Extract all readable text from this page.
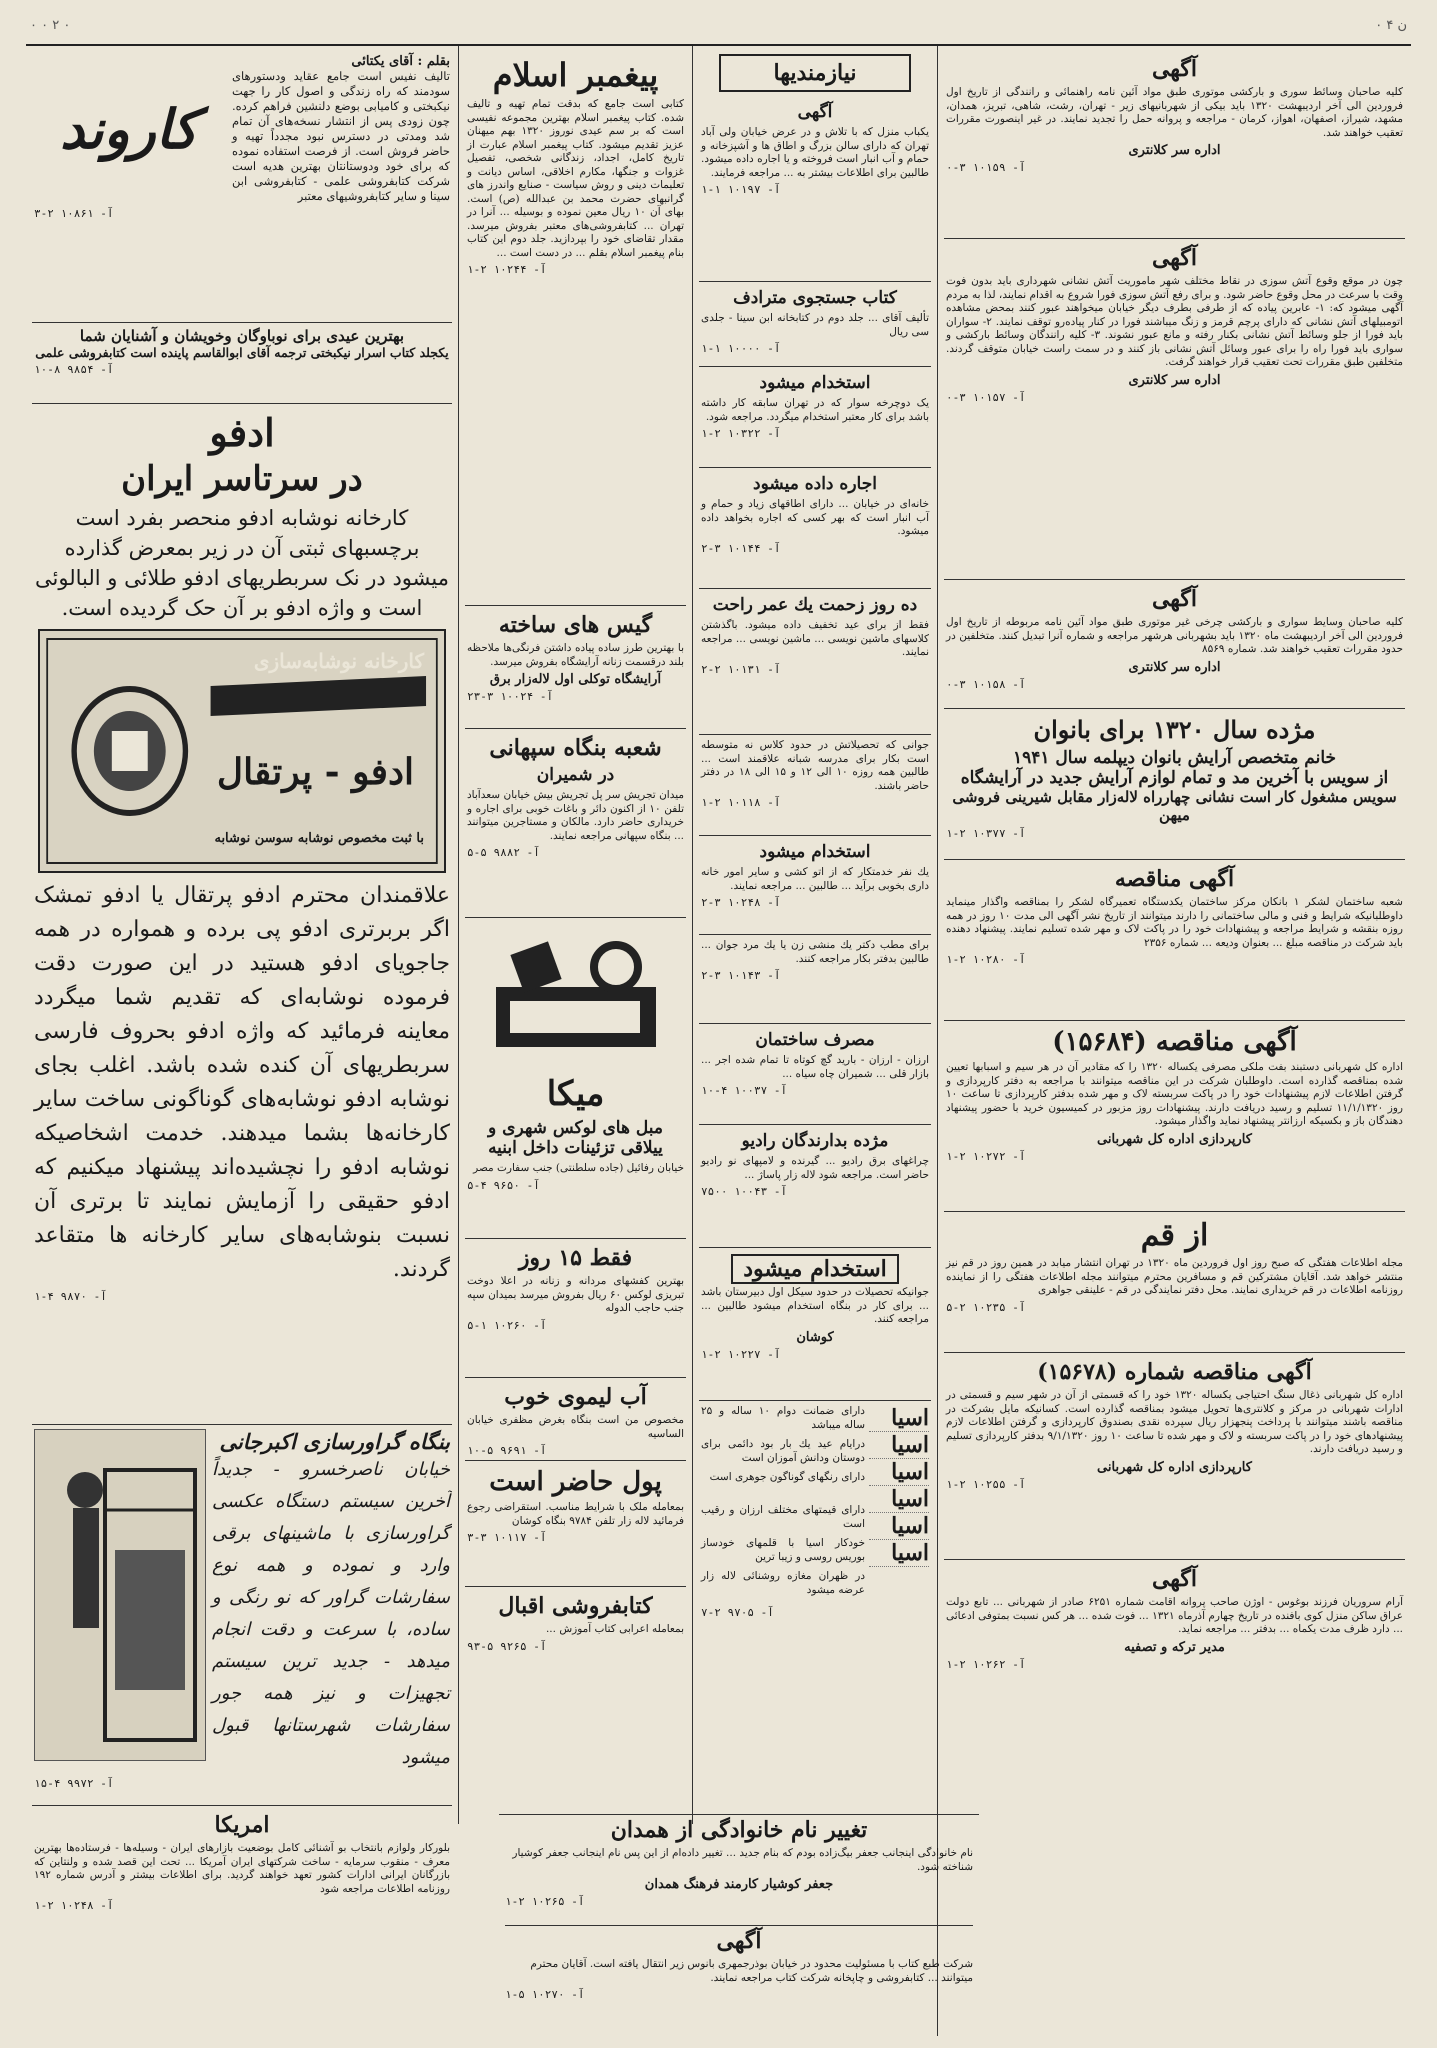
ن ۴ ۰
۰ ۲ ۰ ۰
آگهی
کلیه صاحبان وسائط سوری و بارکشی موتوری طبق مواد آئین نامه راهنمائی و رانندگی از تاریخ اول فروردین الی آخر اردیبهشت ۱۳۲۰ باید بیکی از شهربانیهای زیر - تهران، رشت، شاهی، تبریز، همدان، مشهد، شیراز، اصفهان، اهواز، کرمان - مراجعه و پروانه حمل را تجدید نمایند. در غیر اینصورت مقررات تعقیب خواهند شد.
اداره سر کلانتری
آ- ۱۰۱۵۹ ۳-۰
آگهی
چون در موقع وقوع آتش سوزی در نقاط مختلف شهر ماموریت آتش نشانی شهرداری باید بدون فوت وقت با سرعت در محل وقوع حاضر شود. و برای رفع آتش سوزی فورا شروع به اقدام نمایند، لذا به مردم آگهی میشود که: ۱- عابرین پیاده که از طرفی بطرف دیگر خیابان میخواهند عبور کنند بمحض مشاهده اتومبیلهای آتش نشانی که دارای پرچم قرمز و زنگ میباشند فورا در کنار پیاده‌رو توقف نمایند. ۲- سواران باید فورا از جلو وسائط آتش نشانی بکنار رفته و مانع عبور نشوند. ۳- کلیه رانندگان وسائط بارکشی و سواری باید فورا راه را برای عبور وسائل آتش نشانی باز کنند و در سمت راست خیابان متوقف گردند. متخلفین طبق مقررات تحت تعقیب قرار خواهند گرفت.
اداره سر کلانتری
آ- ۱۰۱۵۷ ۳-۰
آگهی
کلیه صاحبان وسایط سواری و بارکشی چرخی غیر موتوری طبق مواد آئین نامه مربوطه از تاریخ اول فروردین الی آخر اردیبهشت ماه ۱۳۲۰ باید بشهربانی هرشهر مراجعه و شماره آنرا تبدیل کنند. متخلفین در حدود مقررات تعقیب خواهند شد. شماره ۸۵۶۹
اداره سر کلانتری
آ- ۱۰۱۵۸ ۳-۰
مژده سال ۱۳۲۰ برای بانوان
خانم متخصص آرایش بانوان دیپلمه سال ۱۹۴۱
از سویس با آخرین مد و تمام لوازم آرایش جدید در آرایشگاه
سویس مشغول کار است نشانی چهارراه لاله‌زار مقابل شیرینی فروشی میهن
آ- ۱۰۳۷۷ ۲-۱
آگهی مناقصه
شعبه ساختمان لشکر ۱ بانکان مرکز ساختمان یکدستگاه تعمیرگاه لشکر را بمناقصه واگذار مینماید داوطلبانیکه شرایط و فنی و مالی ساختمانی را دارند میتوانند از تاریخ نشر آگهی الی مدت ۱۰ روز در همه روزه بنقشه و شرایط مراجعه و پیشنهادات خود را در پاکت لاک و مهر شده تسلیم نمایند. پیشنهاد دهنده باید شرکت در مناقصه مبلغ ... بعنوان ودیعه ... شماره ۲۳۵۶
آ- ۱۰۲۸۰ ۲-۱
آگهی مناقصه (۱۵۶۸۴)
اداره کل شهربانی دستبند بفت ملکی مصرفی یکساله ۱۳۲۰ را که مقادیر آن در هر سیم و اسبابها تعیین شده بمناقصه گذارده است. داوطلبان شرکت در این مناقصه میتوانند با مراجعه به دفتر کارپردازی و گرفتن اطلاعات لازم پیشنهادات خود را در پاکت سربسته لاک و مهر شده بدفتر کارپردازی تا ساعت ۱۰ روز ۱۱/۱/۱۳۲۰ تسلیم و رسید دریافت دارند. پیشنهادات روز مزبور در کمیسیون خرید با حضور پیشنهاد دهندگان باز و بکسیکه ارزانتر پیشنهاد نماید واگذار میشود.
کارپردازی اداره کل شهربانی
آ- ۱۰۲۷۲ ۲-۱
از قم
مجله اطلاعات هفتگی که صبح روز اول فروردین ماه ۱۳۲۰ در تهران انتشار میابد در همین روز در قم نیز منتشر خواهد شد. آقایان مشترکین قم و مسافرین محترم میتوانند مجله اطلاعات هفتگی را از نماینده روزنامه اطلاعات در قم خریداری نمایند. محل دفتر نمایندگی در قم - علینقی جواهری
آ- ۱۰۲۳۵ ۲-۵
آگهی مناقصه شماره (۱۵۶۷۸)
اداره کل شهربانی ذغال سنگ احتیاجی یکساله ۱۳۲۰ خود را که قسمتی از آن در شهر سیم و قسمتی در ادارات شهربانی در مرکز و کلانتری‌ها تحویل میشود بمناقصه گذارده است. کسانیکه مایل بشرکت در مناقصه باشند میتوانند با پرداخت پنجهزار ریال سپرده نقدی بصندوق کارپردازی و گرفتن اطلاعات لازم پیشنهادهای خود را در پاکت سربسته و لاک و مهر شده تا ساعت ۱۰ روز ۹/۱/۱۳۲۰ بدفتر کارپردازی تسلیم و رسید دریافت دارند.
کارپردازی اداره کل شهربانی
آ- ۱۰۲۵۵ ۲-۱
آگهی
آرام سروریان فرزند بوغوس - اوژن صاحب پروانه اقامت شماره ۶۲۵۱ صادر از شهربانی ... تابع دولت عراق ساکن منزل کوی بافنده در تاریخ چهارم آذرماه ۱۳۲۱ ... فوت شده ... هر کس نسبت بمتوفی ادعائی ... دارد ظرف مدت یکماه ... بدفتر ... مراجعه نماید.
مدیر ترکه و تصفیه
آ- ۱۰۲۶۲ ۲-۱
نیازمندیها
آگهی
یکباب منزل که با تلاش و در عرض خیابان ولی آباد تهران که دارای سالن بزرگ و اطاق ها و آشپزخانه و حمام و آب انبار است فروخته و یا اجاره داده میشود. طالبین برای اطلاعات بیشتر به ... مراجعه فرمایند.
آ- ۱۰۱۹۷ ۱-۱
کتاب جستجوی مترادف
تألیف آقای ... جلد دوم در کتابخانه ابن سینا - جلدی سی ریال
آ- ۱۰۰۰۰ ۱-۱
استخدام میشود
یک دوچرخه سوار که در تهران سابقه کار داشته باشد برای کار معتبر استخدام میگردد. مراجعه شود.
آ- ۱۰۳۲۲ ۲-۱
اجاره داده میشود
خانه‌ای در خیابان ... دارای اطاقهای زیاد و حمام و آب انبار است که بهر کسی که اجاره بخواهد داده میشود.
آ- ۱۰۱۴۴ ۳-۲
ده روز زحمت یك عمر راحت
فقط از برای عید تخفیف داده میشود. باگذشتن کلاسهای ماشین نویسی ... ماشین نویسی ... مراجعه نمایند.
آ- ۱۰۱۳۱ ۲-۲
جوانی که تحصیلاتش در حدود کلاس نه متوسطه است بکار برای مدرسه شبانه علاقمند است ... طالبین همه روزه ۱۰ الی ۱۲ و ۱۵ الی ۱۸ در دفتر حاضر باشند.
آ- ۱۰۱۱۸ ۲-۱
استخدام میشود
یك نفر خدمتکار که از اتو کشی و سایر امور خانه داری بخوبی برآید ... طالبین ... مراجعه نمایند.
آ- ۱۰۲۴۸ ۳-۲
برای مطب دکتر یك منشی زن یا یك مرد جوان ... طالبین بدفتر بکار مراجعه کنند.
آ- ۱۰۱۴۳ ۳-۲
مصرف ساختمان
ارزان - ارزان - بارید گچ کوتاه تا تمام شده اجر ... بازار قلی ... شمیران چاه سیاه ...
آ- ۱۰۰۳۷ ۴-۱۰
مژده بدارندگان رادیو
چراغهای برق رادیو ... گیرنده و لامپهای نو رادیو حاضر است. مراجعه شود لاله زار پاساژ ...
آ- ۱۰۰۴۳ ۷۵۰۰
استخدام میشود
جوانیکه تحصیلات در حدود سیکل اول دبیرستان باشد ... برای کار در بنگاه استخدام میشود طالبین ... مراجعه کنند.
کوشان
آ- ۱۰۲۲۷ ۲-۱
اسیا
اسیا
اسیا
اسیا
اسیا
اسیا
دارای ضمانت دوام ۱۰ ساله و ۲۵ ساله میباشد
درایام عید یك بار بود دائمی برای دوستان ودانش آموزان است
دارای رنگهای گوناگون جوهری است
دارای قیمتهای مختلف ارزان و رقیب است
خودکار اسیا با قلمهای خودساز بوریس روسی و زیبا ترین
در ظهران مغازه روشنائی لاله زار عرضه میشود
آ- ۹۷۰۵ ۲-۷
پیغمبر اسلام
کتابی است جامع که بدقت تمام تهیه و تالیف شده. کتاب پیغمبر اسلام بهترین مجموعه نفیسی است که بر سم عیدی نوروز ۱۳۲۰ بهم میهنان عزیز تقدیم میشود. کتاب پیغمبر اسلام عبارت از تاریخ کامل، اجداد، زندگانی شخصی، تفصیل غزوات و جنگها، مکارم اخلاقی، اساس دیانت و تعلیمات دینی و روش سیاست - صنایع واندرز های گرانبهای حضرت محمد بن عبدالله (ص) است. بهای آن ۱۰ ریال معین نموده و بوسیله ... آنرا در تهران ... کتابفروشی‌های معتبر بفروش میرسد. مقدار تقاضای خود را بپردازید. جلد دوم این کتاب بنام پیغمبر اسلام بقلم ... در دست است ...
آ- ۱۰۲۴۴ ۲-۱
گیس های ساخته
با بهترین طرز ساده پیاده داشتن فرنگی‌ها ملاحظه بلند درقسمت زنانه آرایشگاه بفروش میرسد.
آرایشگاه توکلی اول لاله‌زار برق
آ- ۱۰۰۲۴ ۳-۲۳
شعبه بنگاه سپهانی
در شمیران
میدان تجریش سر پل تجریش بیش خیابان سعدآباد تلفن ۱۰ از اکنون دائر و باغات خوبی برای اجاره و خریداری حاضر دارد. مالکان و مستاجرین میتوانند ... بنگاه سپهانی مراجعه نمایند.
آ- ۹۸۸۲ ۵-۵
میکا
مبل های لوکس شهری و ییلاقی تزئینات داخل ابنیه
خیابان رفائیل (جاده سلطنتی) جنب سفارت مصر
آ- ۹۶۵۰ ۴-۵
فقط ۱۵ روز
بهترین کفشهای مردانه و زنانه در اعلا دوخت تبریزی لوکس ۶۰ ریال بفروش میرسد بمیدان سپه جنب حاجب الدوله
آ- ۱۰۲۶۰ ۱-۵
آب لیموی خوب
مخصوص من است بنگاه بغرض مظفری خیابان الساسیه
آ- ۹۶۹۱ ۵-۱۰
پول حاضر است
بمعامله ملک با شرایط مناسب. استقراضی رجوع فرمائید لاله زار تلفن ۹۷۸۴ بنگاه کوشان
آ- ۱۰۱۱۷ ۳-۳
کتابفروشی اقبال
بمعامله اعرابی کتاب آموزش ...
آ- ۹۲۶۵ ۵-۹۳
بقلم : آقای یکتائی
تالیف نفیس است جامع عقاید ودستورهای سودمند که راه زندگی و اصول کار را جهت نیکبختی و کامیابی بوضع دلنشین فراهم کرده. چون زودی پس از انتشار نسخه‌های آن تمام شد ومدتی در دسترس نبود مجدداً تهیه و حاضر فروش است. از فرصت استفاده نموده که برای خود ودوستانتان بهترین هدیه است شرکت کتابفروشی علمی - کتابفروشی ابن سینا و سایر کتابفروشیهای معتبر
کاروند
آ- ۱۰۸۶۱ ۲-۳
بهترین عیدی برای نوباوگان وخویشان و آشنایان شما
یکجلد کتاب اسرار نیکبختی ترجمه آقای ابوالقاسم پاینده است کتابفروشی علمی
آ- ۹۸۵۴ ۸-۱۰
ادفو
در سرتاسر ایران
کارخانه نوشابه ادفو منحصر بفرد است برچسبهای ثبتی آن در زیر بمعرض گذارده میشود در نک سربطریهای ادفو طلائی و البالوئی است و واژه ادفو بر آن حک گردیده است.
کارخانه نوشابه‌سازی
ادفو - پرتقال
با ثبت مخصوص نوشابه سوسن نوشابه
علاقمندان محترم ادفو پرتقال یا ادفو تمشک اگر بربرتری ادفو پی برده و همواره در همه جاجویای ادفو هستید در این صورت دقت فرموده نوشابه‌ای که تقدیم شما میگردد معاینه فرمائید که واژه ادفو بحروف فارسی سربطریهای آن کنده شده باشد. اغلب بجای نوشابه ادفو نوشابه‌های گوناگونی ساخت سایر کارخانه‌ها بشما میدهند. خدمت اشخاصیکه نوشابه ادفو را نچشیده‌اند پیشنهاد میکنیم که ادفو حقیقی را آزمایش نمایند تا برتری آن نسبت بنوشابه‌های سایر کارخانه ها متقاعد گردند.
آ- ۹۸۷۰ ۴-۱
بنگاه گراورسازی اکبرجانی
خیابان ناصرخسرو - جدیداً آخرین سیستم دستگاه عکسی گراورسازی با ماشینهای برقی وارد و نموده و همه نوع سفارشات گراور که نو رنگی و ساده، با سرعت و دقت انجام میدهد - جدید ترین سیستم تجهیزات و نیز همه جور سفارشات شهرستانها قبول میشود
آ- ۹۹۷۲ ۴-۱۵
امریکا
بلورکار ولوازم بانتخاب بو آشنائی کامل بوضعیت بازارهای ایران - وسیله‌ها - فرستاده‌ها بهترین معرف - منقوب سرمایه - ساخت شرکتهای ایران آمریکا ... تحت این قصد شده و ولنتاین که بازرگانان ایرانی ادارات کشور تعهد خواهند گردید. برای اطلاعات بیشتر و آدرس شماره ۱۹۲ روزنامه اطلاعات مراجعه شود
آ- ۱۰۲۴۸ ۲-۱
تغییر نام خانوادگی از همدان
نام خانوادگی اینجانب جعفر بیگ‌زاده بودم که بنام جدید ... تغییر داده‌ام از این پس نام اینجانب جعفر کوشیار شناخته شود.
جعفر کوشیار کارمند فرهنگ همدان
آ- ۱۰۲۶۵ ۲-۱
آگهی
شرکت طبع کتاب با مسئولیت محدود در خیابان بوذرجمهری بانوس زیر انتقال یافته است. آقایان محترم میتوانند ... کتابفروشی و چاپخانه شرکت کتاب مراجعه نمایند.
آ- ۱۰۲۷۰ ۵-۱
